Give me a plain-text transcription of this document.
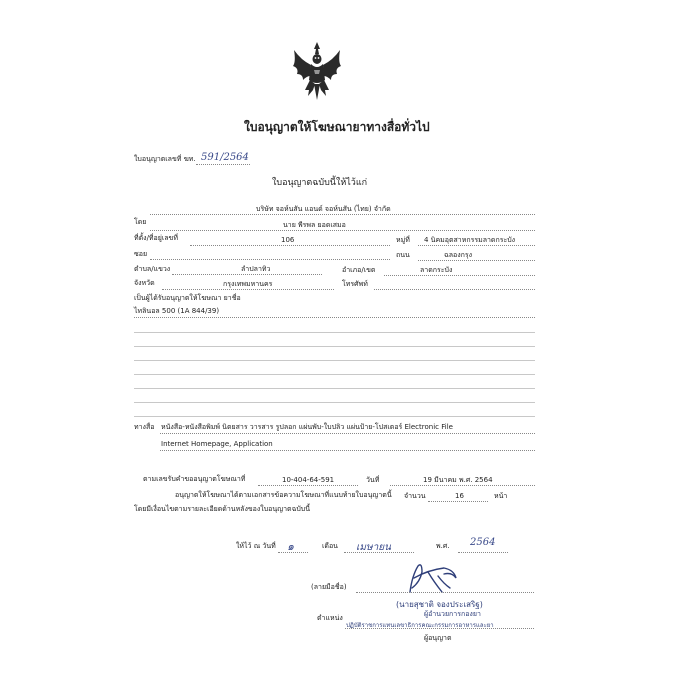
ใบอนุญาตให้โฆษณายาทางสื่อทั่วไป
ใบอนุญาตเลขที่ ฆท. 591/2564
ใบอนุญาตฉบับนี้ให้ไว้แก่
บริษัท จอห์นสัน แอนด์ จอห์นสัน (ไทย) จำกัด
โดย	นาย พีรพล ยอดเสมอ
ที่ตั้ง/ที่อยู่เลขที่	106	หมู่ที่ 4 นิคมอุตสาหกรรมลาดกระบัง
ซอย	ถนน	ฉลองกรุง
ตำบล/แขวง	ลำปลาทิว	อำเภอ/เขต	ลาดกระบัง
จังหวัด	กรุงเทพมหานคร	โทรศัพท์
เป็นผู้ได้รับอนุญาตให้โฆษณา ยาชื่อ
ไทลินอล 500 (1A 844/39)
ทางสื่อ หนังสือ-หนังสือพิมพ์ นิตยสาร วารสาร รูปลอก แผ่นพับ-ใบปลิว แผ่นป้าย-โปสเตอร์ Electronic File
Internet Homepage, Application
ตามเลขรับคำขออนุญาตโฆษณาที่	10-404-64-591	วันที่	19 มีนาคม พ.ศ. 2564
อนุญาตให้โฆษณาได้ตามเอกสารข้อความโฆษณาที่แนบท้ายใบอนุญาตนี้ จำนวน	16	หน้า
โดยมีเงื่อนไขตามรายละเอียดด้านหลังของใบอนุญาตฉบับนี้
ให้ไว้ ณ วันที่ ๑	เดือน เมษายน	พ.ศ. 2564
(ลายมือชื่อ)
(นายสุชาติ จองประเสริฐ)
ผู้อำนวยการกองยา
ตำแหน่ง
ปฏิบัติราชการแทนเลขาธิการคณะกรรมการอาหารและยา
ผู้อนุญาต
